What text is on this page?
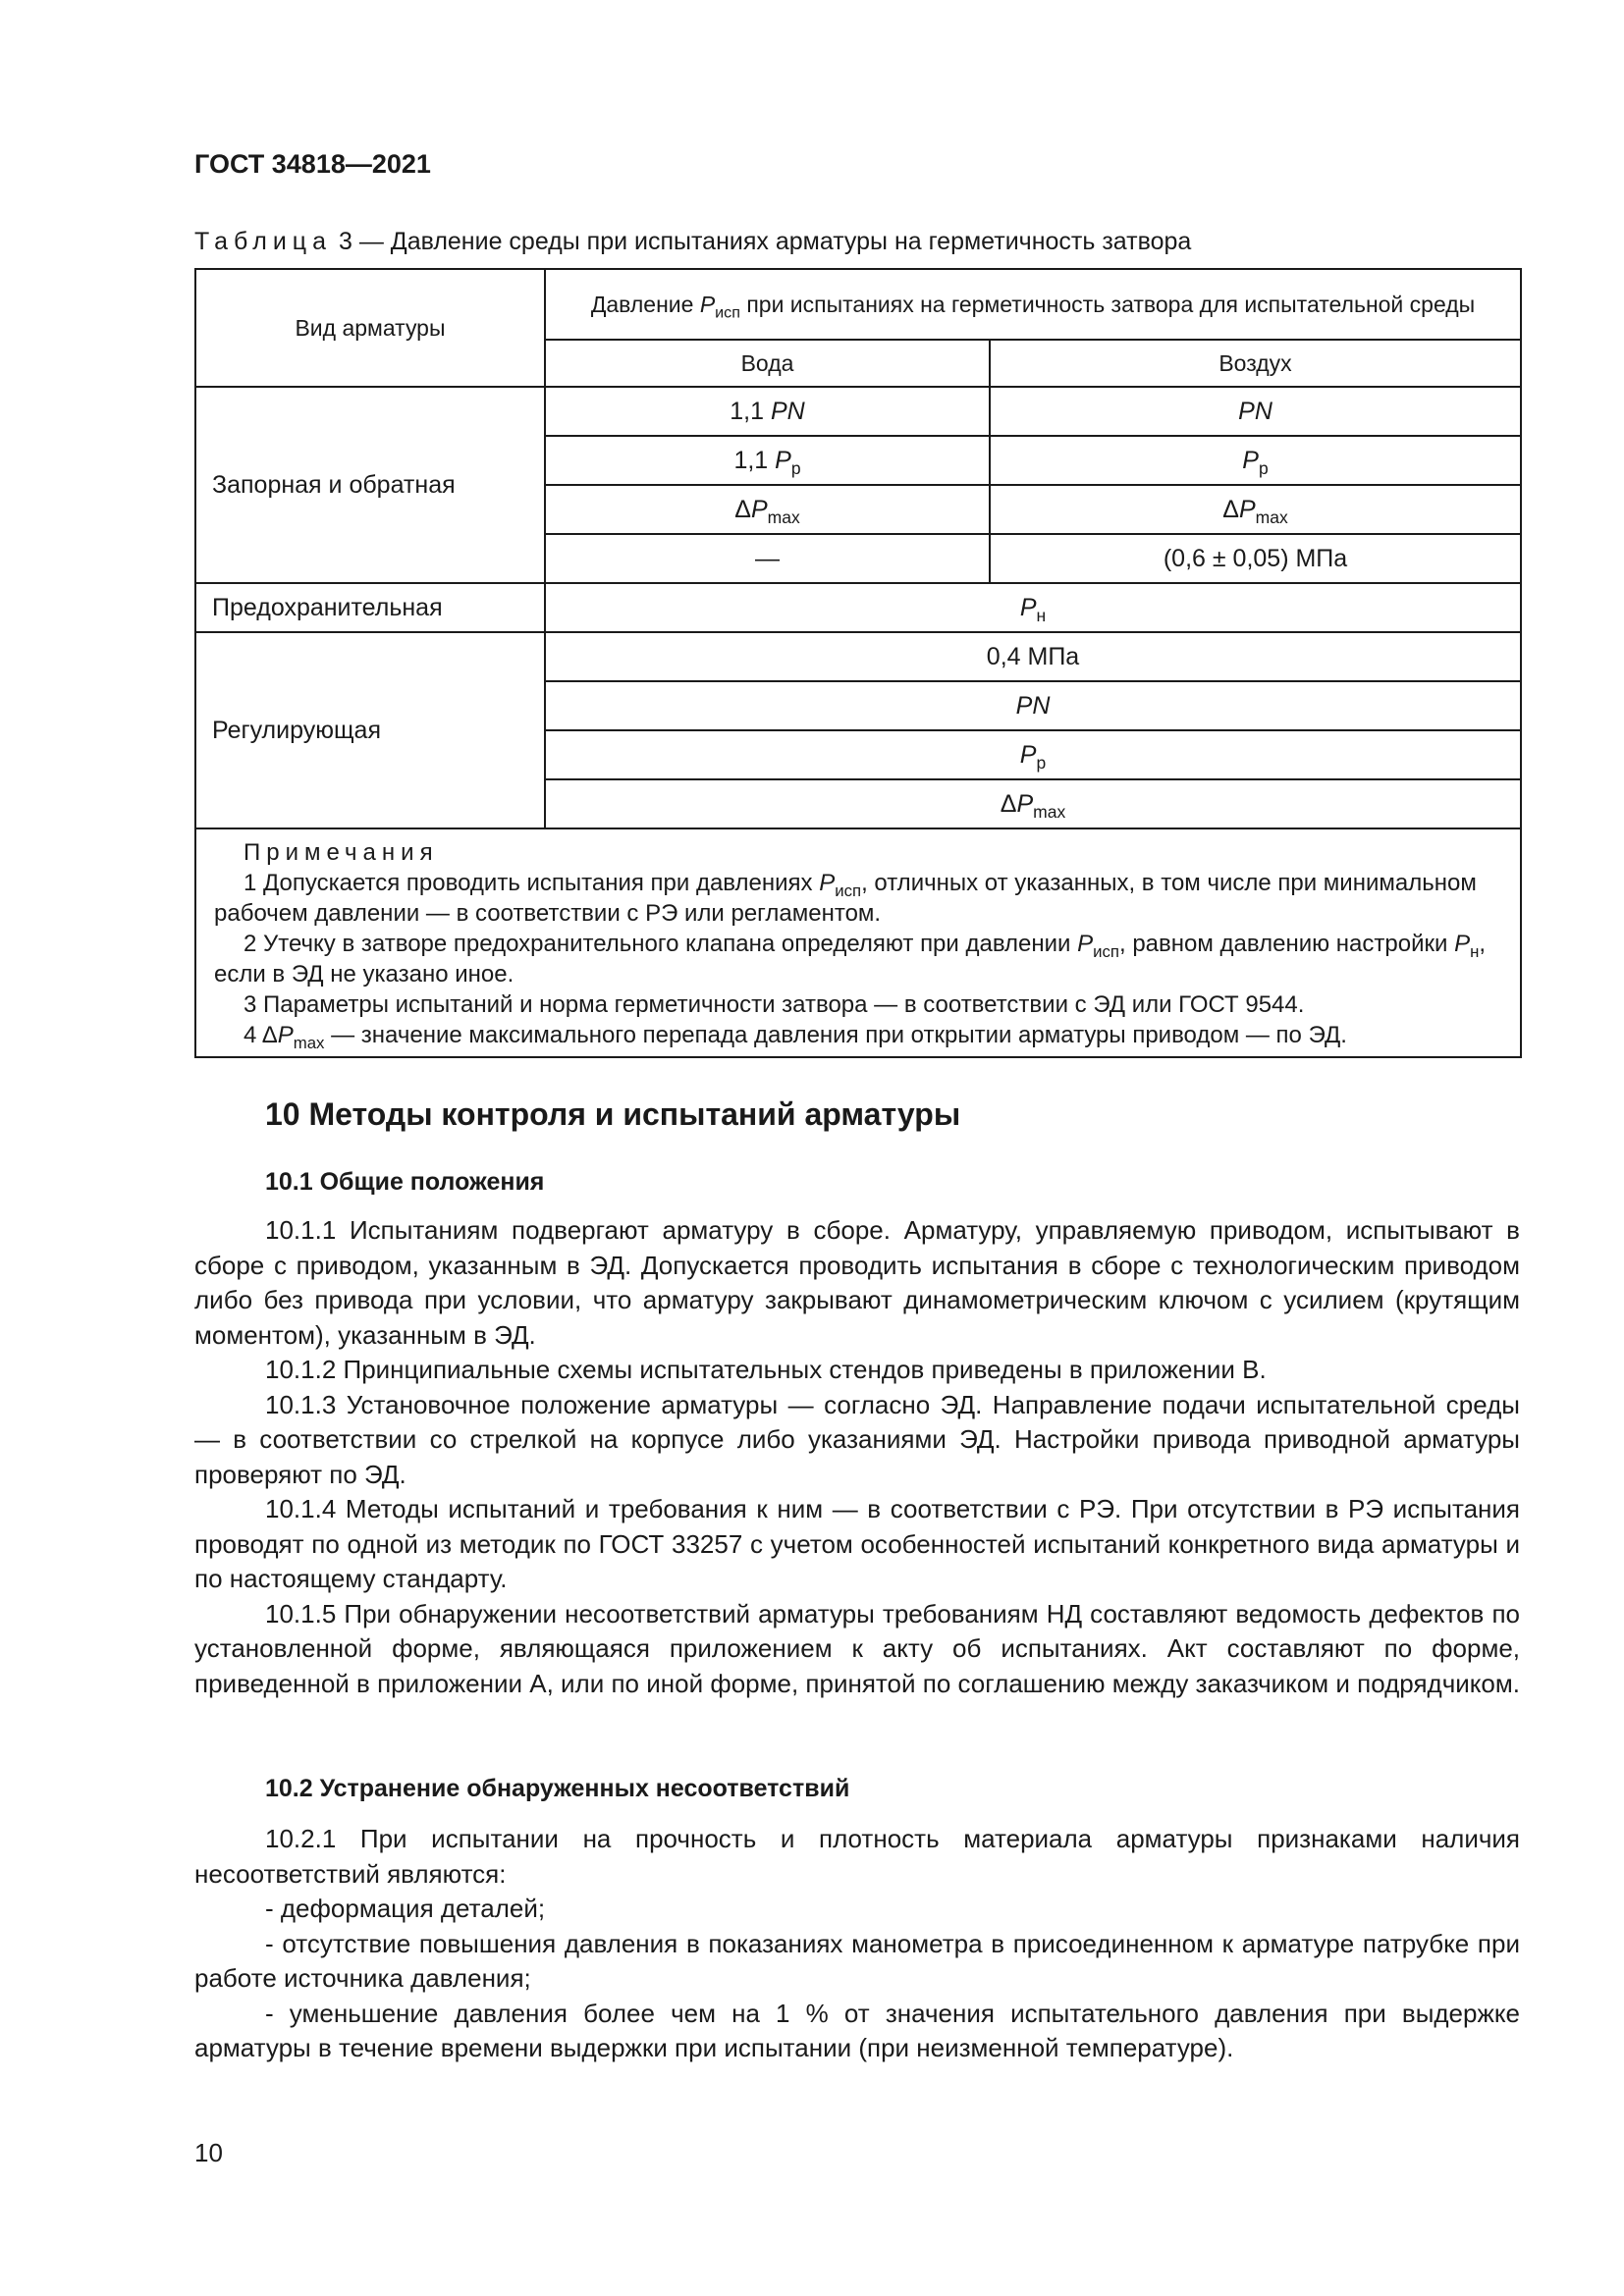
ГОСТ 34818—2021
Таблица 3 — Давление среды при испытаниях арматуры на герметичность затвора
Вид арматуры	Давление $P_{исп}$ при испытаниях на герметичность затвора для испытательной среды	
	Вода	Воздух
Запорная и обратная	1,1 PN	PN
	1,1 $P_р$	$P_р$
	$\Delta P_{max}$	$\Delta P_{max}$
	—	(0,6 ± 0,05) МПа
Предохранительная	$P_н$
Регулирующая	0,4 МПа	
	PN	
	$P_р$
	$\Delta P_{max}$

Примечания

1 Допускается проводить испытания при давлениях $P_{исп}$, отличных от указанных, в том числе при минимальном рабочем давлении — в соответствии с РЭ или регламентом.

2 Утечку в затворе предохранительного клапана определяют при давлении $P_{исп}$, равном давлению настройки $P_н$, если в ЭД не указано иное.

3 Параметры испытаний и норма герметичности затвора — в соответствии с ЭД или ГОСТ 9544.

4 $\Delta P_{max}$ — значение максимального перепада давления при открытии арматуры приводом — по ЭД.		

10 Методы контроля и испытаний арматуры
10.1 Общие положения

10.1.1 Испытаниям подвергают арматуру в сборе. Арматуру, управляемую приводом, испытывают в сборе с приводом, указанным в ЭД. Допускается проводить испытания в сборе с технологическим приводом либо без привода при условии, что арматуру закрывают динамометрическим ключом с усилием (крутящим моментом), указанным в ЭД.

10.1.2 Принципиальные схемы испытательных стендов приведены в приложении В.

10.1.3 Установочное положение арматуры — согласно ЭД. Направление подачи испытательной среды — в соответствии со стрелкой на корпусе либо указаниями ЭД. Настройки привода приводной арматуры проверяют по ЭД.

10.1.4 Методы испытаний и требования к ним — в соответствии с РЭ. При отсутствии в РЭ испытания проводят по одной из методик по ГОСТ 33257 с учетом особенностей испытаний конкретного вида арматуры и по настоящему стандарту.

10.1.5 При обнаружении несоответствий арматуры требованиям НД составляют ведомость дефектов по установленной форме, являющаяся приложением к акту об испытаниях. Акт составляют по форме, приведенной в приложении А, или по иной форме, принятой по соглашению между заказчиком и подрядчиком.

10.2 Устранение обнаруженных несоответствий

10.2.1 При испытании на прочность и плотность материала арматуры признаками наличия несоответствий являются:

- деформация деталей;

- отсутствие повышения давления в показаниях манометра в присоединенном к арматуре патрубке при работе источника давления;

- уменьшение давления более чем на 1 % от значения испытательного давления при выдержке арматуры в течение времени выдержки при испытании (при неизменной температуре).

10
